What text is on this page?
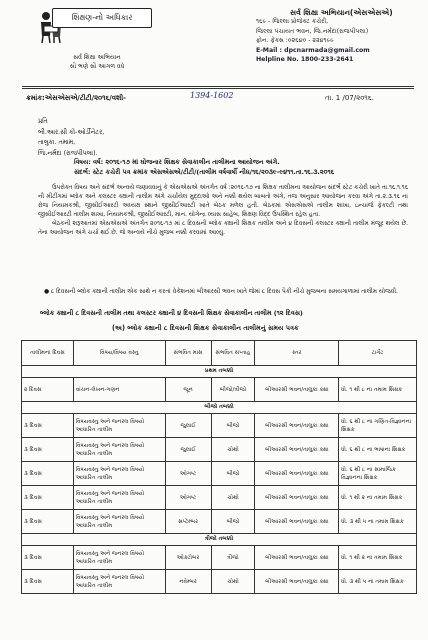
શિક્ષણ-નો અધિકાર
સર્વ શિક્ષા અભિયાન
સૌ ભણે સૌ આગળ વધે
સર્વ શિક્ષા અભિયાન(એસએસએ)
૧૬૯ - જિલ્લા પ્રોજેક્ટ કચેરી,
જિલ્લા પંચાયત ભવન, જિ.નર્મદા(રાજપીપલા)
ફોન. ફેક્સ :૦૨૬૪૦ - ૨૨૪૧૯૯
E-Mail : dpcnarmada@gmail.com
Helpline No. 1800-233-2641
ક્રમાંક:એસએસએ/ટીટી/૨૦૧૬/વશી-	1394-1602	તા. 1 /07/૨૦૧૬.
પ્રતિ
બી.આર.સી કો-ઓર્ડીનેટર,
તાલુકા. તમામ,
જિ.નર્મદા (રાજપીપલા).
વિષય: વર્ષ: ૨૦૧૬-૧૭ માં ઘોજનાર શિક્ષક સેવાકાલીન તાલીમના આયોજન અંગે.
સંદર્ભ: સ્ટેટ કચેરી પત્ર ક્રમાંક એસએસએ/ટીટી/(તાલીમ વર્ષવાર્ષી નીધ/૧૬/૨૦૩૯-૯૪૧૧.તા.૧૬.૩.૨૦૧૬

ઉપરોક્ત વિષય અને સંદર્ભ અન્વયે જણાવવાનું કે એસએસએ અંતર્ગત વર્ષ :૨૦૧૬-૧૭ ના શિક્ષક તાલીમના આયોજન સંદર્ભે સ્ટેટ કચેરી ખાતે તા.૧૬.૧.૧૬ ની મીટીંગમાં બ્લોક અને કલસ્ટર ક્ક્ષાની તાલીમ અંગે ચર્ચાયેલ મુદ્દાઓ અને નક્કી થયેલ બાબતો અંગે, તજ અનુસાર આયોજન કરવા અંગે તા.૨.૩.૧૬ ના રોજ નિયામકશ્રી, જીસીઈઆરટી અધ્યક્ષ સ્થાને જીસીઈઆરટી ખાતે બેઠક મળેલ હતી. બેઠકમાં એસએસએ તાલીમ શાખા, ઇન્ચાર્જ ફેકલ્ટી તથા જીસીઈઆરટી તાલીમ શાખા, નિયામકશ્રી, જીસીઈઆરટી, માન. યોગેન્દ્ર વ્યાસ સાહેબ, શિક્ષણ વિદ્દ ઉપસ્થિત રહેલ હતા.

બેઠકની શરૂઆતમાં એસએસએ અંતર્ગત ૨૦૧૬-૧૭ માં ૮ દિવસની બ્લોક ક્ક્ષાની શિક્ષક તાલીમ અને ૪ દિવસની કલસ્ટર ક્ક્ષાની તાલીમ મંજૂર થયેલ છે. તેના આયોજન અંગે ચર્ચા થઈ છે. જે અન્વયે નીચે મુજબ નક્કી કરવામાં આવ્યું.

● ૮ દિવસની બ્લોક ક્ક્ષાની તાલીમ એક સાથે ન કરતાં વેકેશનમાં બીઆરસી ભવન ખાતે જેમાં ૮ દિવસ પૈકી નીચે મુજબના સમયગાળામાં તાલીમ યોજવી.
બ્લોક ક્ક્ષાની ૮ દિવસની તાલીમ તથા કલસ્ટર ક્ક્ષાની ૪ દિવસની શિક્ષક સેવાકાલીન તાલીમ (૧૨ દિવસ)
(અ) બ્લોક ક્ક્ષાની ૮ દિવસની શિક્ષક સેવાકાલીન તાલીમનું સમય પત્રક
તાલીમના દિવસ	વિષય/વિષય વસ્તુ	સંભવિત માસ	સંભવિત સપ્તાહ	સ્તર	ટાર્ગેટ
પ્રથમ તબક્કો					
૨ દિવસ	વાંચન-લેખન-ગણન	જૂન	બીજો/ત્રીજો	બીઆરસી ભવન/તાલુકા ક્ક્ષા	ધો. ૧ થી ૮ ના તમામ શિક્ષક
બીજો તબક્કો					
૩ દિવસ	વિષયવસ્તુ અને જનરલ વિષયો આધારિત તાલીમ	જુલાઈ	બીજો	બીઆરસી ભવન/તાલુકા ક્ક્ષા	ધો. ૬ થી ૮ ના ગણિત-વિજ્ઞાનના શિક્ષક
૩ દિવસ	વિષયવસ્તુ અને જનરલ વિષયો આધારિત તાલીમ	જુલાઈ	ચોથો	બીઆરસી ભવન/તાલુકા ક્ક્ષા	ધો. ૬ થી ૮ ના ભાષાના શિક્ષક
૩ દિવસ	વિષયવસ્તુ અને જનરલ વિષયો આધારિત તાલીમ	ઓગષ્ટ	બીજો	બીઆરસી ભવન/તાલુકા ક્ક્ષા	ધો. ૬ થી ૮ ના સામાજિક વિજ્ઞાનના શિક્ષક
૩ દિવસ	વિષયવસ્તુ અને જનરલ વિષયો આધારિત તાલીમ	ઓગષ્ટ	ચોથો	બીઆરસી ભવન/તાલુકા ક્ક્ષા	ધો. ૧ થી ૨ ના તમામ શિક્ષક
૩ દિવસ	વિષયવસ્તુ અને જનરલ વિષયો આધારિત તાલીમ	સપ્ટેમ્બર	બીજો	બીઆરસી ભવન/તાલુકા ક્ક્ષા	ધો. ૩ થી ૫ ના તમામ શિક્ષક
ત્રીજો તબક્કો					
૩ દિવસ	વિષયવસ્તુ અને જનરલ વિષયો આધારિત તાલીમ	ઓક્ટોબર	ત્રીજો	બીઆરસી ભવન/તાલુકા ક્ક્ષા	ધો. ૧ થી ૨ ના તમામ શિક્ષક
૩ દિવસ	વિષયવસ્તુ અને જનરલ વિષયો આધારિત તાલીમ	નવેમ્બર	ચોથો	બીઆરસી ભવન/તાલુકા ક્ક્ષા	ધો. ૩ થી ૫ ના તમામ શિક્ષક
